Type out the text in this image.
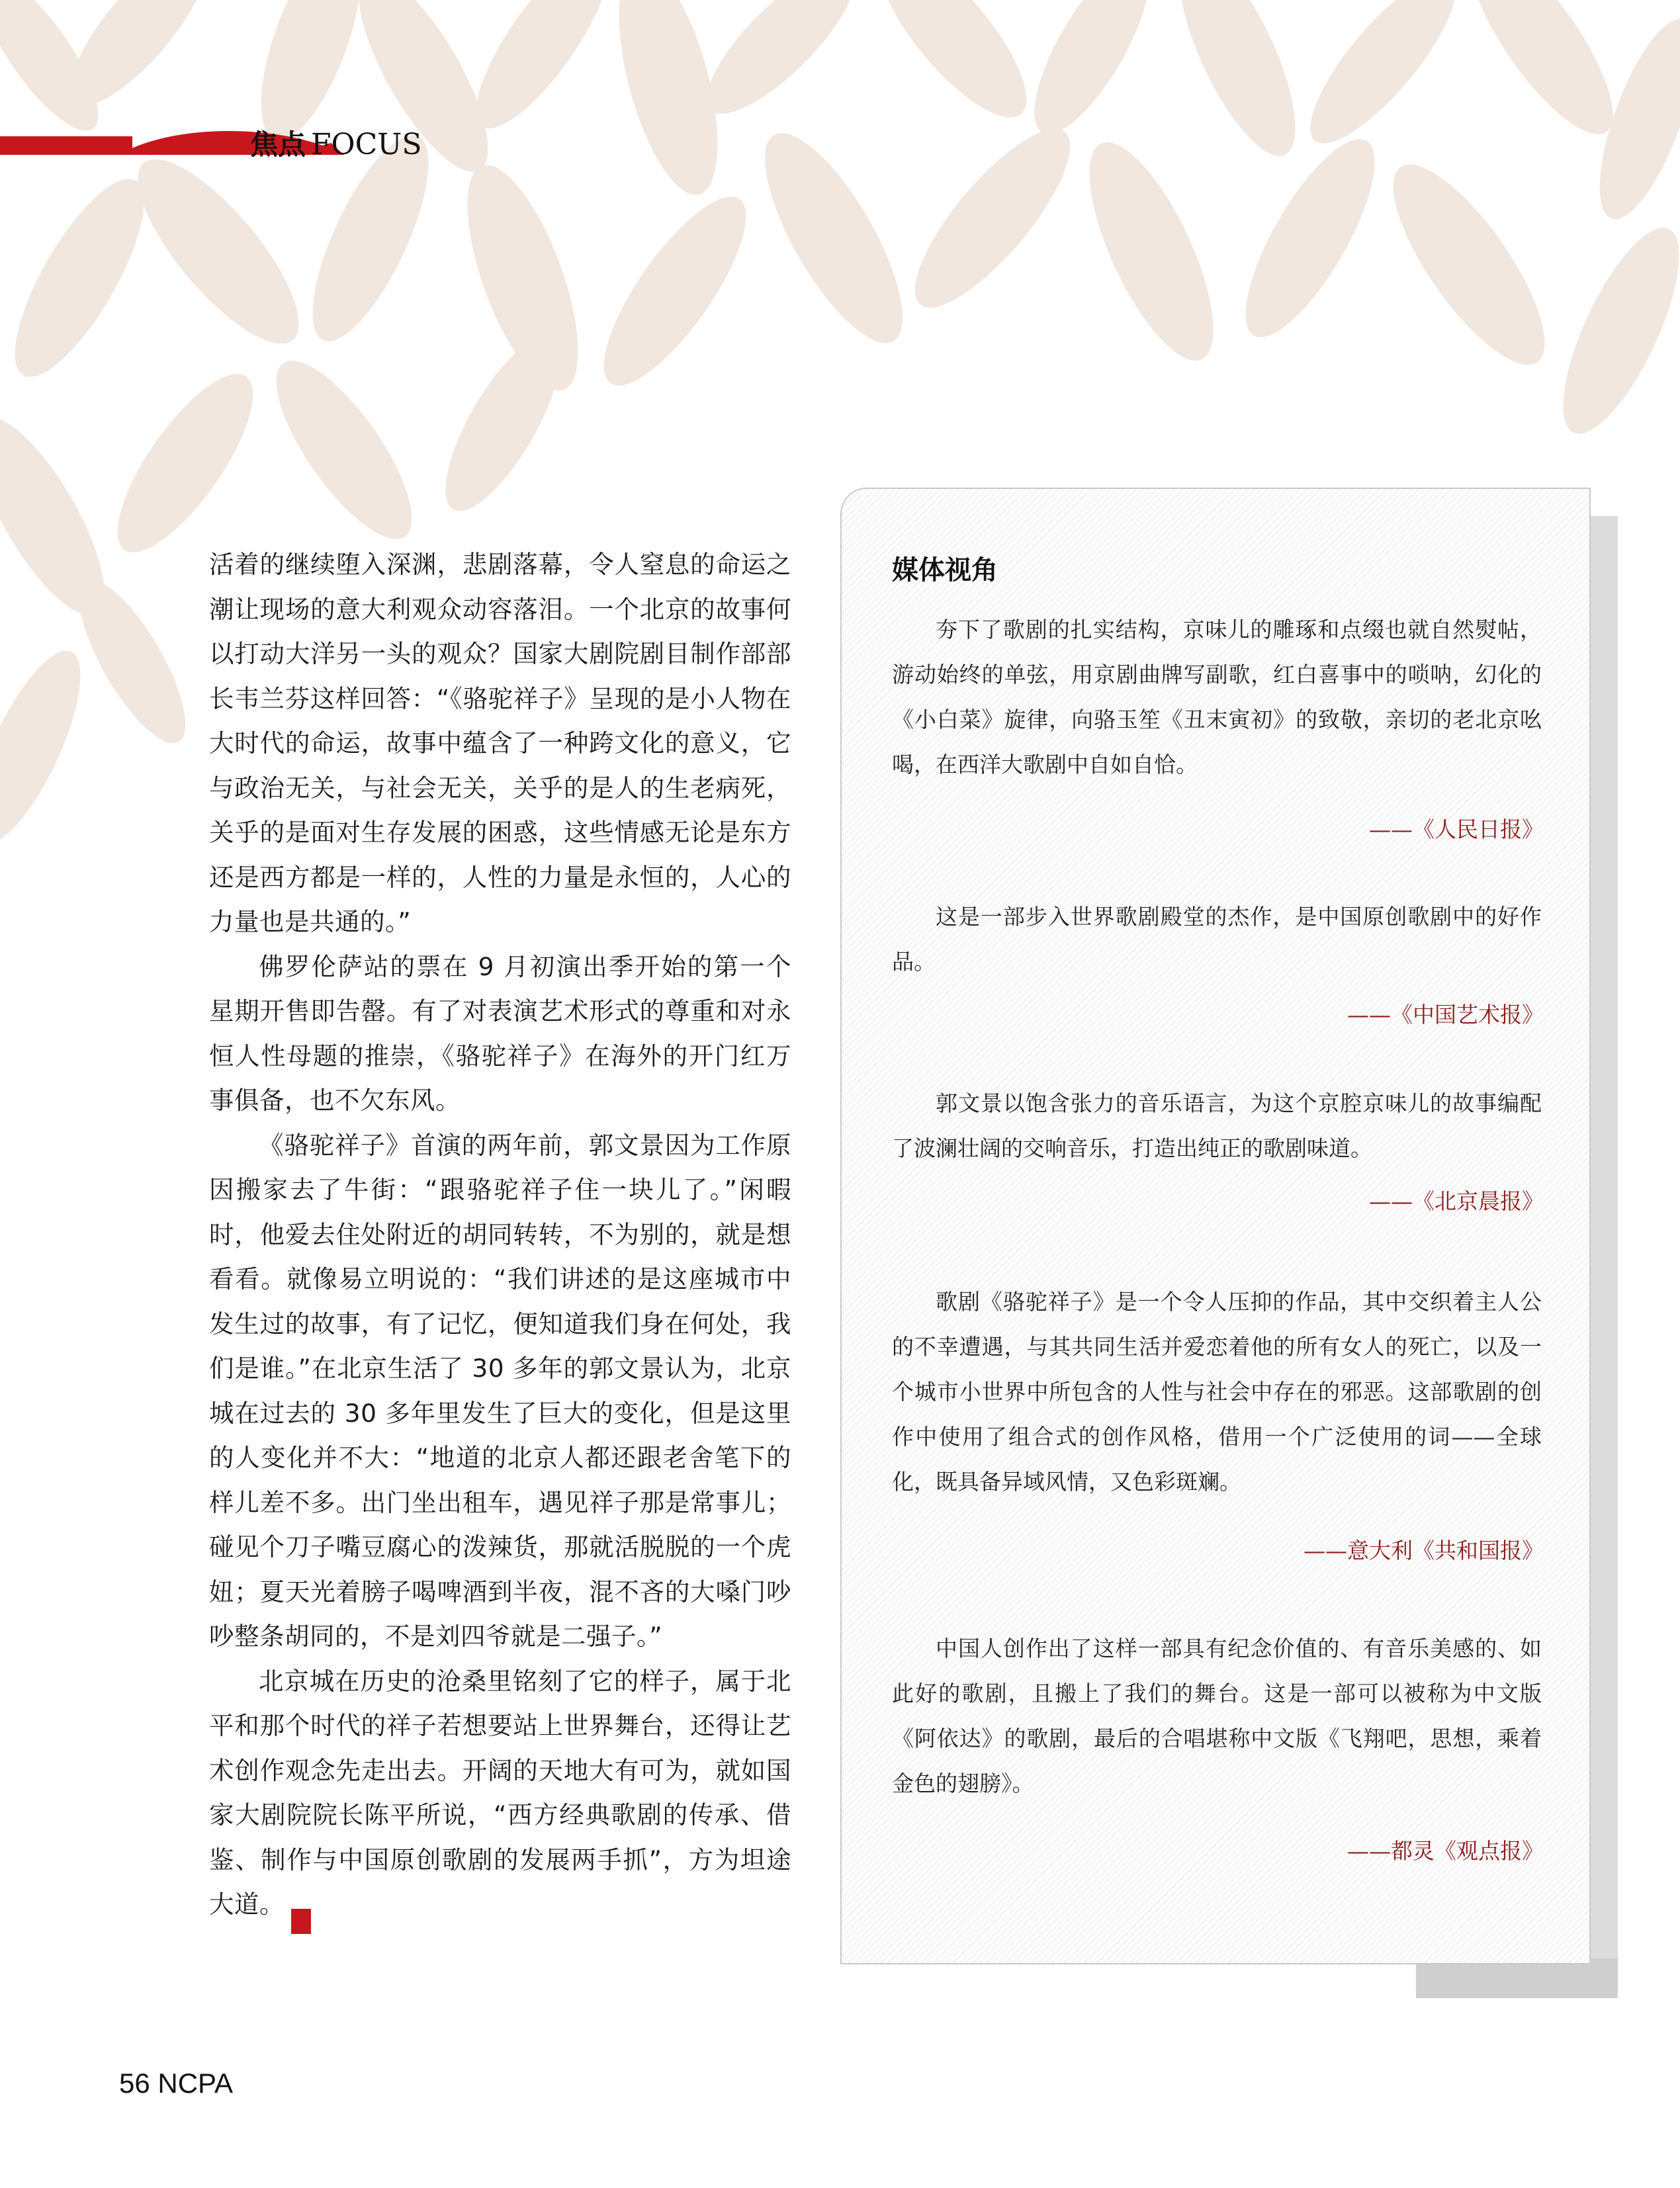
焦点 FOCUS

活着的继续堕入深渊，悲剧落幕，令人窒息的命运之潮让现场的意大利观众动容落泪。一个北京的故事何以打动大洋另一头的观众？国家大剧院剧目制作部部长韦兰芬这样回答：“《骆驼祥子》呈现的是小人物在大时代的命运，故事中蕴含了一种跨文化的意义，它与政治无关，与社会无关，关乎的是人的生老病死，关乎的是面对生存发展的困惑，这些情感无论是东方还是西方都是一样的，人性的力量是永恒的，人心的力量也是共通的。”

佛罗伦萨站的票在 9 月初演出季开始的第一个星期开售即告罄。有了对表演艺术形式的尊重和对永恒人性母题的推崇，《骆驼祥子》在海外的开门红万事俱备，也不欠东风。

《骆驼祥子》首演的两年前，郭文景因为工作原因搬家去了牛街：“跟骆驼祥子住一块儿了。”闲暇时，他爱去住处附近的胡同转转，不为别的，就是想看看。就像易立明说的：“我们讲述的是这座城市中发生过的故事，有了记忆，便知道我们身在何处，我们是谁。”在北京生活了 30 多年的郭文景认为，北京城在过去的 30 多年里发生了巨大的变化，但是这里的人变化并不大：“地道的北京人都还跟老舍笔下的样儿差不多。出门坐出租车，遇见祥子那是常事儿；碰见个刀子嘴豆腐心的泼辣货，那就活脱脱的一个虎妞；夏天光着膀子喝啤酒到半夜，混不吝的大嗓门吵吵整条胡同的，不是刘四爷就是二强子。”

北京城在历史的沧桑里铭刻了它的样子，属于北平和那个时代的祥子若想要站上世界舞台，还得让艺术创作观念先走出去。开阔的天地大有可为，就如国家大剧院院长陈平所说，“西方经典歌剧的传承、借鉴、制作与中国原创歌剧的发展两手抓”，方为坦途大道。	NCPA

媒体视角

夯下了歌剧的扎实结构，京味儿的雕琢和点缀也就自然熨帖，游动始终的单弦，用京剧曲牌写副歌，红白喜事中的唢呐，幻化的《小白菜》旋律，向骆玉笙《丑末寅初》的致敬，亲切的老北京吆喝，在西洋大歌剧中自如自恰。

——《人民日报》

这是一部步入世界歌剧殿堂的杰作，是中国原创歌剧中的好作品。

——《中国艺术报》

郭文景以饱含张力的音乐语言，为这个京腔京味儿的故事编配了波澜壮阔的交响音乐，打造出纯正的歌剧味道。

——《北京晨报》

歌剧《骆驼祥子》是一个令人压抑的作品，其中交织着主人公的不幸遭遇，与其共同生活并爱恋着他的所有女人的死亡，以及一个城市小世界中所包含的人性与社会中存在的邪恶。这部歌剧的创作中使用了组合式的创作风格，借用一个广泛使用的词——全球化，既具备异域风情，又色彩斑斓。

——意大利《共和国报》

中国人创作出了这样一部具有纪念价值的、有音乐美感的、如此好的歌剧，且搬上了我们的舞台。这是一部可以被称为中文版《阿依达》的歌剧，最后的合唱堪称中文版《飞翔吧，思想，乘着金色的翅膀》。

——都灵《观点报》
56 NCPA
